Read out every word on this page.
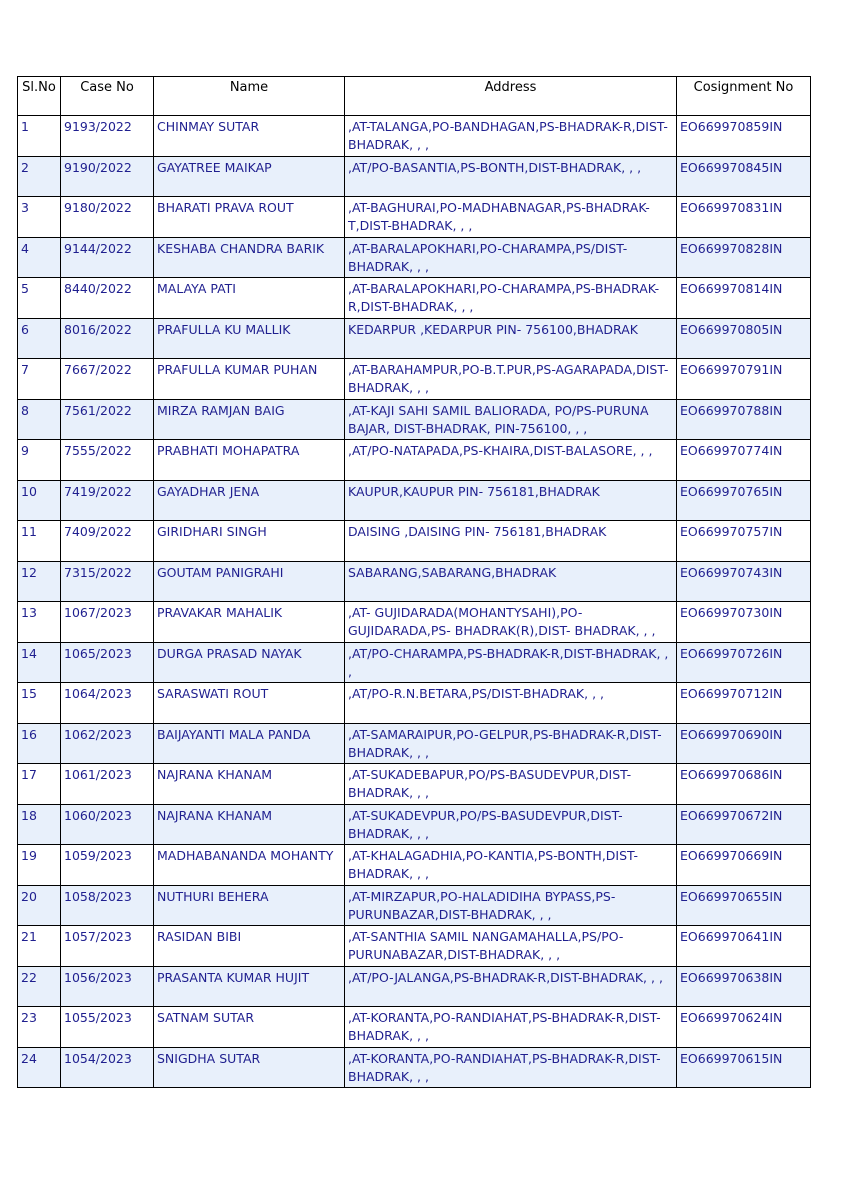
Sl.No	Case No	Name	Address	Cosignment No
1	9193/2022	CHINMAY SUTAR	,AT-TALANGA,PO-BANDHAGAN,PS-BHADRAK-R,DIST-BHADRAK, , ,	EO669970859IN
2	9190/2022	GAYATREE MAIKAP	,AT/PO-BASANTIA,PS-BONTH,DIST-BHADRAK, , ,	EO669970845IN
3	9180/2022	BHARATI PRAVA ROUT	,AT-BAGHURAI,PO-MADHABNAGAR,PS-BHADRAK-T,DIST-BHADRAK, , ,	EO669970831IN
4	9144/2022	KESHABA CHANDRA BARIK	,AT-BARALAPOKHARI,PO-CHARAMPA,PS/DIST-BHADRAK, , ,	EO669970828IN
5	8440/2022	MALAYA PATI	,AT-BARALAPOKHARI,PO-CHARAMPA,PS-BHADRAK-R,DIST-BHADRAK, , ,	EO669970814IN
6	8016/2022	PRAFULLA KU MALLIK	KEDARPUR ,KEDARPUR PIN- 756100,BHADRAK	EO669970805IN
7	7667/2022	PRAFULLA KUMAR PUHAN	,AT-BARAHAMPUR,PO-B.T.PUR,PS-AGARAPADA,DIST-BHADRAK, , ,	EO669970791IN
8	7561/2022	MIRZA RAMJAN BAIG	,AT-KAJI SAHI SAMIL BALIORADA, PO/PS-PURUNA BAJAR, DIST-BHADRAK, PIN-756100, , ,	EO669970788IN
9	7555/2022	PRABHATI MOHAPATRA	,AT/PO-NATAPADA,PS-KHAIRA,DIST-BALASORE, , ,	EO669970774IN
10	7419/2022	GAYADHAR JENA	KAUPUR,KAUPUR PIN- 756181,BHADRAK	EO669970765IN
11	7409/2022	GIRIDHARI SINGH	DAISING ,DAISING PIN- 756181,BHADRAK	EO669970757IN
12	7315/2022	GOUTAM PANIGRAHI	SABARANG,SABARANG,BHADRAK	EO669970743IN
13	1067/2023	PRAVAKAR MAHALIK	,AT- GUJIDARADA(MOHANTYSAHI),PO-GUJIDARADA,PS- BHADRAK(R),DIST- BHADRAK, , ,	EO669970730IN
14	1065/2023	DURGA PRASAD NAYAK	,AT/PO-CHARAMPA,PS-BHADRAK-R,DIST-BHADRAK, , ,	EO669970726IN
15	1064/2023	SARASWATI ROUT	,AT/PO-R.N.BETARA,PS/DIST-BHADRAK, , ,	EO669970712IN
16	1062/2023	BAIJAYANTI MALA PANDA	,AT-SAMARAIPUR,PO-GELPUR,PS-BHADRAK-R,DIST-BHADRAK, , ,	EO669970690IN
17	1061/2023	NAJRANA KHANAM	,AT-SUKADEBAPUR,PO/PS-BASUDEVPUR,DIST-BHADRAK, , ,	EO669970686IN
18	1060/2023	NAJRANA KHANAM	,AT-SUKADEVPUR,PO/PS-BASUDEVPUR,DIST-BHADRAK, , ,	EO669970672IN
19	1059/2023	MADHABANANDA MOHANTY	,AT-KHALAGADHIA,PO-KANTIA,PS-BONTH,DIST-BHADRAK, , ,	EO669970669IN
20	1058/2023	NUTHURI BEHERA	,AT-MIRZAPUR,PO-HALADIDIHA BYPASS,PS-PURUNBAZAR,DIST-BHADRAK, , ,	EO669970655IN
21	1057/2023	RASIDAN BIBI	,AT-SANTHIA SAMIL NANGAMAHALLA,PS/PO-PURUNABAZAR,DIST-BHADRAK, , ,	EO669970641IN
22	1056/2023	PRASANTA KUMAR HUJIT	,AT/PO-JALANGA,PS-BHADRAK-R,DIST-BHADRAK, , ,	EO669970638IN
23	1055/2023	SATNAM SUTAR	,AT-KORANTA,PO-RANDIAHAT,PS-BHADRAK-R,DIST-BHADRAK, , ,	EO669970624IN
24	1054/2023	SNIGDHA SUTAR	,AT-KORANTA,PO-RANDIAHAT,PS-BHADRAK-R,DIST-BHADRAK, , ,	EO669970615IN
